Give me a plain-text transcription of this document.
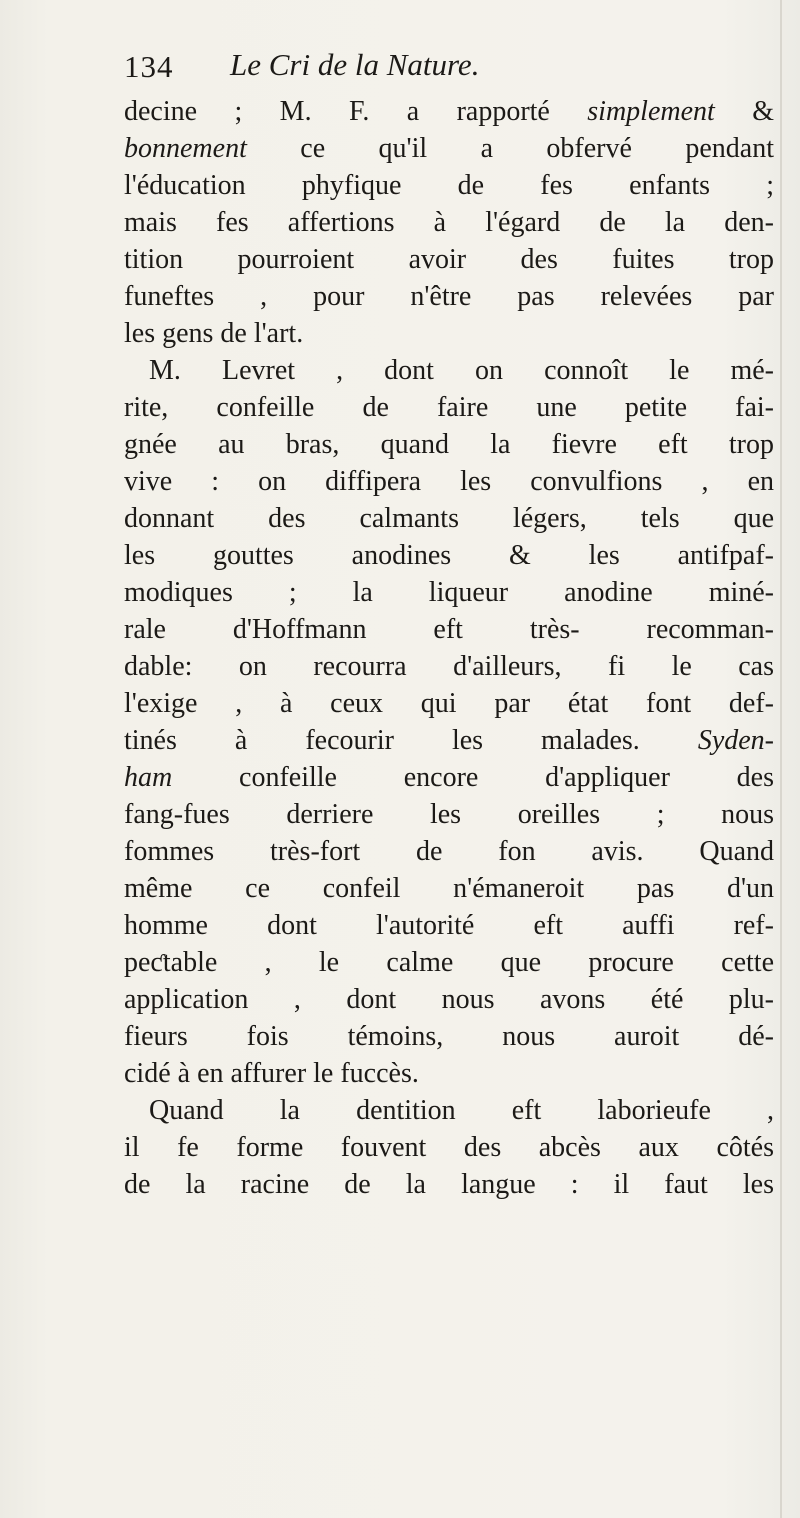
134 Le Cri de la Nature.
decine ; M. F. a rapporté simplement &
bonnement ce qu'il a obfervé pendant
l'éducation phyfique de fes enfants ;
mais fes affertions à l'égard de la den-
tition pourroient avoir des fuites trop
funeftes , pour n'être pas relevées par
les gens de l'art.
M. Levret , dont on connoît le mé-
rite, confeille de faire une petite fai-
gnée au bras, quand la fievre eft trop
vive : on diffipera les convulfions , en
donnant des calmants légers, tels que
les gouttes anodines & les antifpaf-
modiques ; la liqueur anodine miné-
rale d'Hoffmann eft très- recomman-
dable: on recourra d'ailleurs, fi le cas
l'exige , à ceux qui par état font def-
tinés à fecourir les malades. Syden-
ham confeille encore d'appliquer des
fang-fues derriere les oreilles ; nous
fommes très-fort de fon avis. Quand
même ce confeil n'émaneroit pas d'un
homme dont l'autorité eft auffi ref-
peƈtable , le calme que procure cette
application , dont nous avons été plu-
fieurs fois témoins, nous auroit dé-
cidé à en affurer le fuccès.
Quand la dentition eft laborieufe ,
il fe forme fouvent des abcès aux côtés
de la racine de la langue : il faut les
